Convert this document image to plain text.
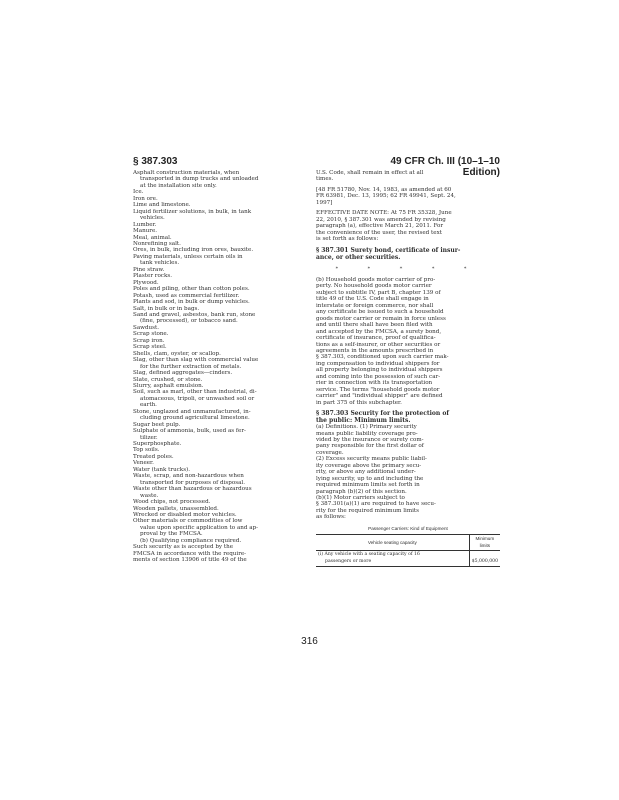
§ 387.303	49 CFR Ch. III (10–1–10 Edition)
Asphalt construction materials, when
transported in dump trucks and unloaded
at the installation site only.
Ice.
Iron ore.
Lime and limestone.
Liquid fertilizer solutions, in bulk, in tank
vehicles.
Lumber.
Manure.
Meal, animal.
Nonrefining salt.
Ores, in bulk, including iron ores, bauxite.
Paving materials, unless certain oils in
tank vehicles.
Pine straw.
Plaster rocks.
Plywood.
Poles and piling, other than cotton poles.
Potash, used as commercial fertilizer.
Plants and sod, in bulk or dump vehicles.
Salt, in bulk or in bags.
Sand and gravel, asbestos, bank run, stone
(fine, processed), or tobacco sand.
Sawdust.
Scrap stone.
Scrap iron.
Scrap steel.
Shells, clam, oyster, or scallop.
Slag, other than slag with commercial value
for the further extraction of metals.
Slag, defined aggregates—cinders.
Slate, crushed, or stone.
Slurry, asphalt emulsion.
Soil, such as marl, other than industrial, di-
atomaceous, tripoli, or unwashed soil or
earth.
Stone, unglazed and unmanufactured, in-
cluding ground agricultural limestone.
Sugar beet pulp.
Sulphate of ammonia, bulk, used as fer-
tilizer.
Superphosphate.
Top soils.
Treated poles.
Veneer.
Water (tank trucks).
Waste, scrap, and non-hazardous when
transported for purposes of disposal.
Waste other than hazardous or hazardous
waste.
Wood chips, not processed.
Wooden pallets, unassembled.
Wrecked or disabled motor vehicles.
Other materials or commodities of low
value upon specific application to and ap-
proval by the FMCSA.
(b) Qualifying compliance required.
Such security as is accepted by the
FMCSA in accordance with the require-
ments of section 13906 of title 49 of the
U.S. Code, shall remain in effect at all
times.
[48 FR 51780, Nov. 14, 1983, as amended at 60
FR 63981, Dec. 13, 1995; 62 FR 49941, Sept. 24,
1997]
EFFECTIVE DATE NOTE: At 75 FR 35328, June
22, 2010, § 387.301 was amended by revising
paragraph (a), effective March 21, 2011. For
the convenience of the user, the revised text
is set forth as follows:
§ 387.301 Surety bond, certificate of insur-
ance, or other securities.
* * * * *
(b) Household goods motor carrier of pro-
perty. No household goods motor carrier
subject to subtitle IV, part B, chapter 139 of
title 49 of the U.S. Code shall engage in
interstate or foreign commerce, nor shall
any certificate be issued to such a household
goods motor carrier or remain in force unless
and until there shall have been filed with
and accepted by the FMCSA, a surety bond,
certificate of insurance, proof of qualifica-
tions as a self-insurer, or other securities or
agreements in the amounts prescribed in
§ 387.303, conditioned upon such carrier mak-
ing compensation to individual shippers for
all property belonging to individual shippers
and coming into the possession of such car-
rier in connection with its transportation
service. The terms "household goods motor
carrier" and "individual shipper" are defined
in part 375 of this subchapter.
§ 387.303 Security for the protection of
the public: Minimum limits.
(a) Definitions. (1) Primary security
means public liability coverage pro-
vided by the insurance or surety com-
pany responsible for the first dollar of
coverage.
(2) Excess security means public liabil-
ity coverage above the primary secu-
rity, or above any additional under-
lying security, up to and including the
required minimum limits set forth in
paragraph (b)(2) of this section.
(b)(1) Motor carriers subject to
§ 387.301(a)(1) are required to have secu-
rity for the required minimum limits
as follows:
Passenger Carriers: Kind of Equipment	
Vehicle seating capacity	Minimum limits

(i) Any vehicle with a seating capacity of 16
passengers or more	$5,000,000
316
